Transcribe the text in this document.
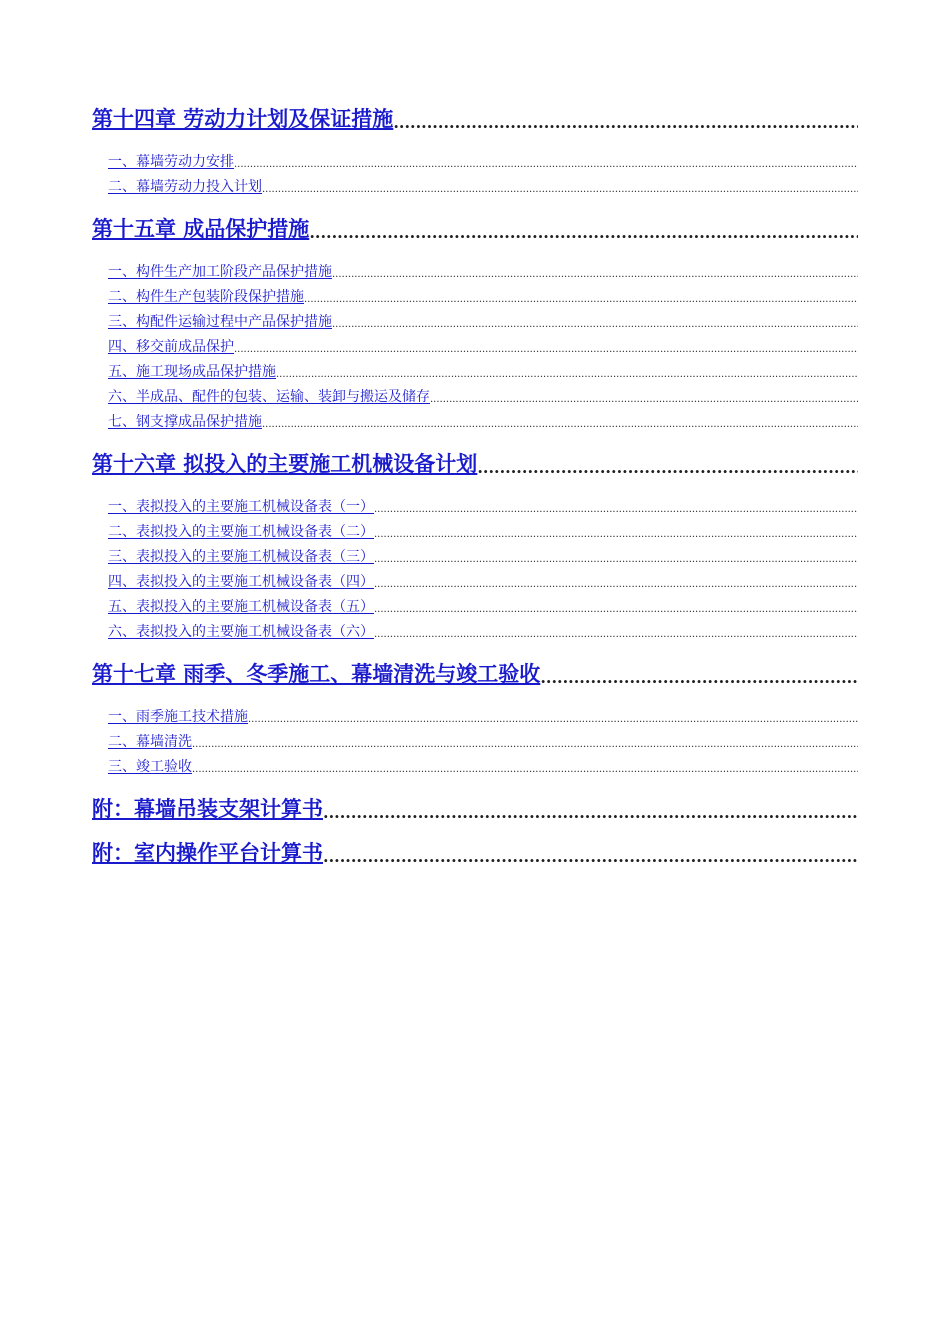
第十四章 劳动力计划及保证措施
.....
一、幕墙劳动力安排
.....
二、幕墙劳动力投入计划
.....
第十五章 成品保护措施
.....
一、构件生产加工阶段产品保护措施
.....
二、构件生产包装阶段保护措施
.....
三、构配件运输过程中产品保护措施
.....
四、移交前成品保护
.....
五、施工现场成品保护措施
.....
六、半成品、配件的包装、运输、装卸与搬运及储存
.....
七、钢支撑成品保护措施
.....
第十六章 拟投入的主要施工机械设备计划
.....
一、表拟投入的主要施工机械设备表（一）
.....
二、表拟投入的主要施工机械设备表（二）
.....
三、表拟投入的主要施工机械设备表（三）
.....
四、表拟投入的主要施工机械设备表（四）
.....
五、表拟投入的主要施工机械设备表（五）
.....
六、表拟投入的主要施工机械设备表（六）
.....
第十七章 雨季、冬季施工、幕墙清洗与竣工验收
.....
一、雨季施工技术措施
.....
二、幕墙清洗
.....
三、竣工验收
.....
附：幕墙吊装支架计算书
.....
附：室内操作平台计算书
.....
